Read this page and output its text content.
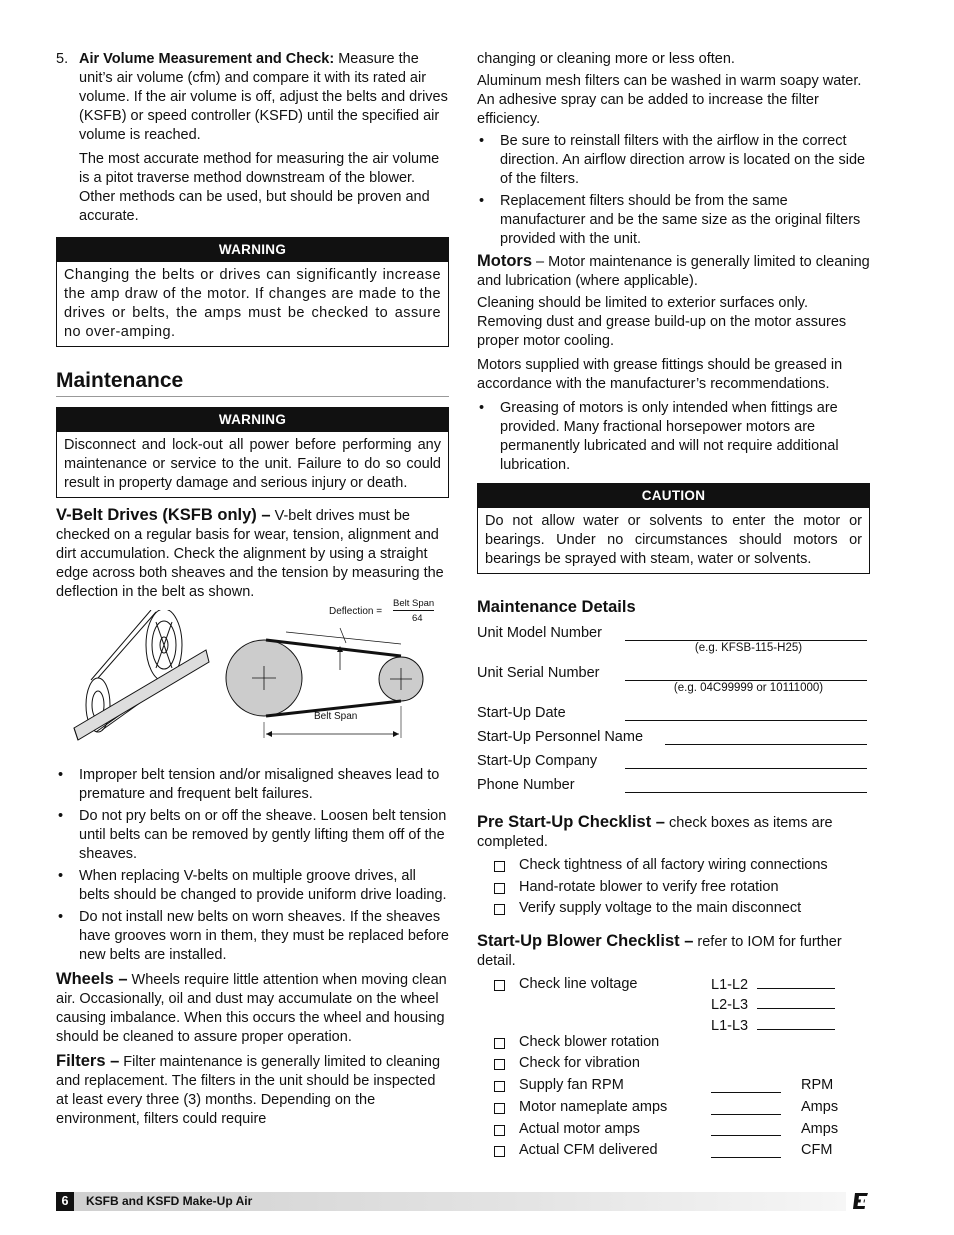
5. Air Volume Measurement and Check: Measure the unit’s air volume (cfm) and compare it with its rated air volume. If the air volume is off, adjust the belts and drives (KSFB) or speed controller (KSFD) until the specified air volume is reached.

The most accurate method for measuring the air volume is a pitot traverse method downstream of the blower. Other methods can be used, but should be proven and accurate.

WARNING
Changing the belts or drives can significantly increase the amp draw of the motor. If changes are made to the drives or belts, the amps must be checked to assure no over-amping.
Maintenance
WARNING
Disconnect and lock-out all power before performing any maintenance or service to the unit. Failure to do so could result in property damage and serious injury or death.

V-Belt Drives (KSFB only) – V-belt drives must be checked on a regular basis for wear, tension, alignment and dirt accumulation. Check the alignment by using a straight edge across both sheaves and the tension by measuring the deflection in the belt as shown.

Deflection =
Belt Span
64
Belt Span
• Improper belt tension and/or misaligned sheaves lead to premature and frequent belt failures.
• Do not pry belts on or off the sheave. Loosen belt tension until belts can be removed by gently lifting them off of the sheaves.
• When replacing V-belts on multiple groove drives, all belts should be changed to provide uniform drive loading.
• Do not install new belts on worn sheaves. If the sheaves have grooves worn in them, they must be replaced before new belts are installed.

Wheels – Wheels require little attention when moving clean air. Occasionally, oil and dust may accumulate on the wheel causing imbalance. When this occurs the wheel and housing should be cleaned to assure proper operation.

Filters – Filter maintenance is generally limited to cleaning and replacement. The filters in the unit should be inspected at least every three (3) months. Depending on the environment, filters could require

changing or cleaning more or less often.

Aluminum mesh filters can be washed in warm soapy water. An adhesive spray can be added to increase the filter efficiency.

• Be sure to reinstall filters with the airflow in the correct direction. An airflow direction arrow is located on the side of the filters.
• Replacement filters should be from the same manufacturer and be the same size as the original filters provided with the unit.

Motors – Motor maintenance is generally limited to cleaning and lubrication (where applicable).

Cleaning should be limited to exterior surfaces only. Removing dust and grease build-up on the motor assures proper motor cooling.

Motors supplied with grease fittings should be greased in accordance with the manufacturer’s recommendations.

• Greasing of motors is only intended when fittings are provided. Many fractional horsepower motors are permanently lubricated and will not require additional lubrication.
CAUTION
Do not allow water or solvents to enter the motor or bearings. Under no circumstances should motors or bearings be sprayed with steam, water or solvents.
Maintenance Details
Unit Model Number
(e.g. KFSB-115-H25)
Unit Serial Number
(e.g. 04C99999 or 10111000)
Start-Up Date
Start-Up Personnel Name
Start-Up Company
Phone Number

Pre Start-Up Checklist – check boxes as items are completed.

Check tightness of all factory wiring connections
Hand-rotate blower to verify free rotation
Verify supply voltage to the main disconnect

Start-Up Blower Checklist – refer to IOM for further detail.

Check line voltage	L1-L2
L2-L3
L1-L3
Check blower rotation
Check for vibration
Supply fan RPM	RPM
Motor nameplate amps	Amps
Actual motor amps	Amps
Actual CFM delivered	CFM
6	KSFB and KSFD Make-Up Air
